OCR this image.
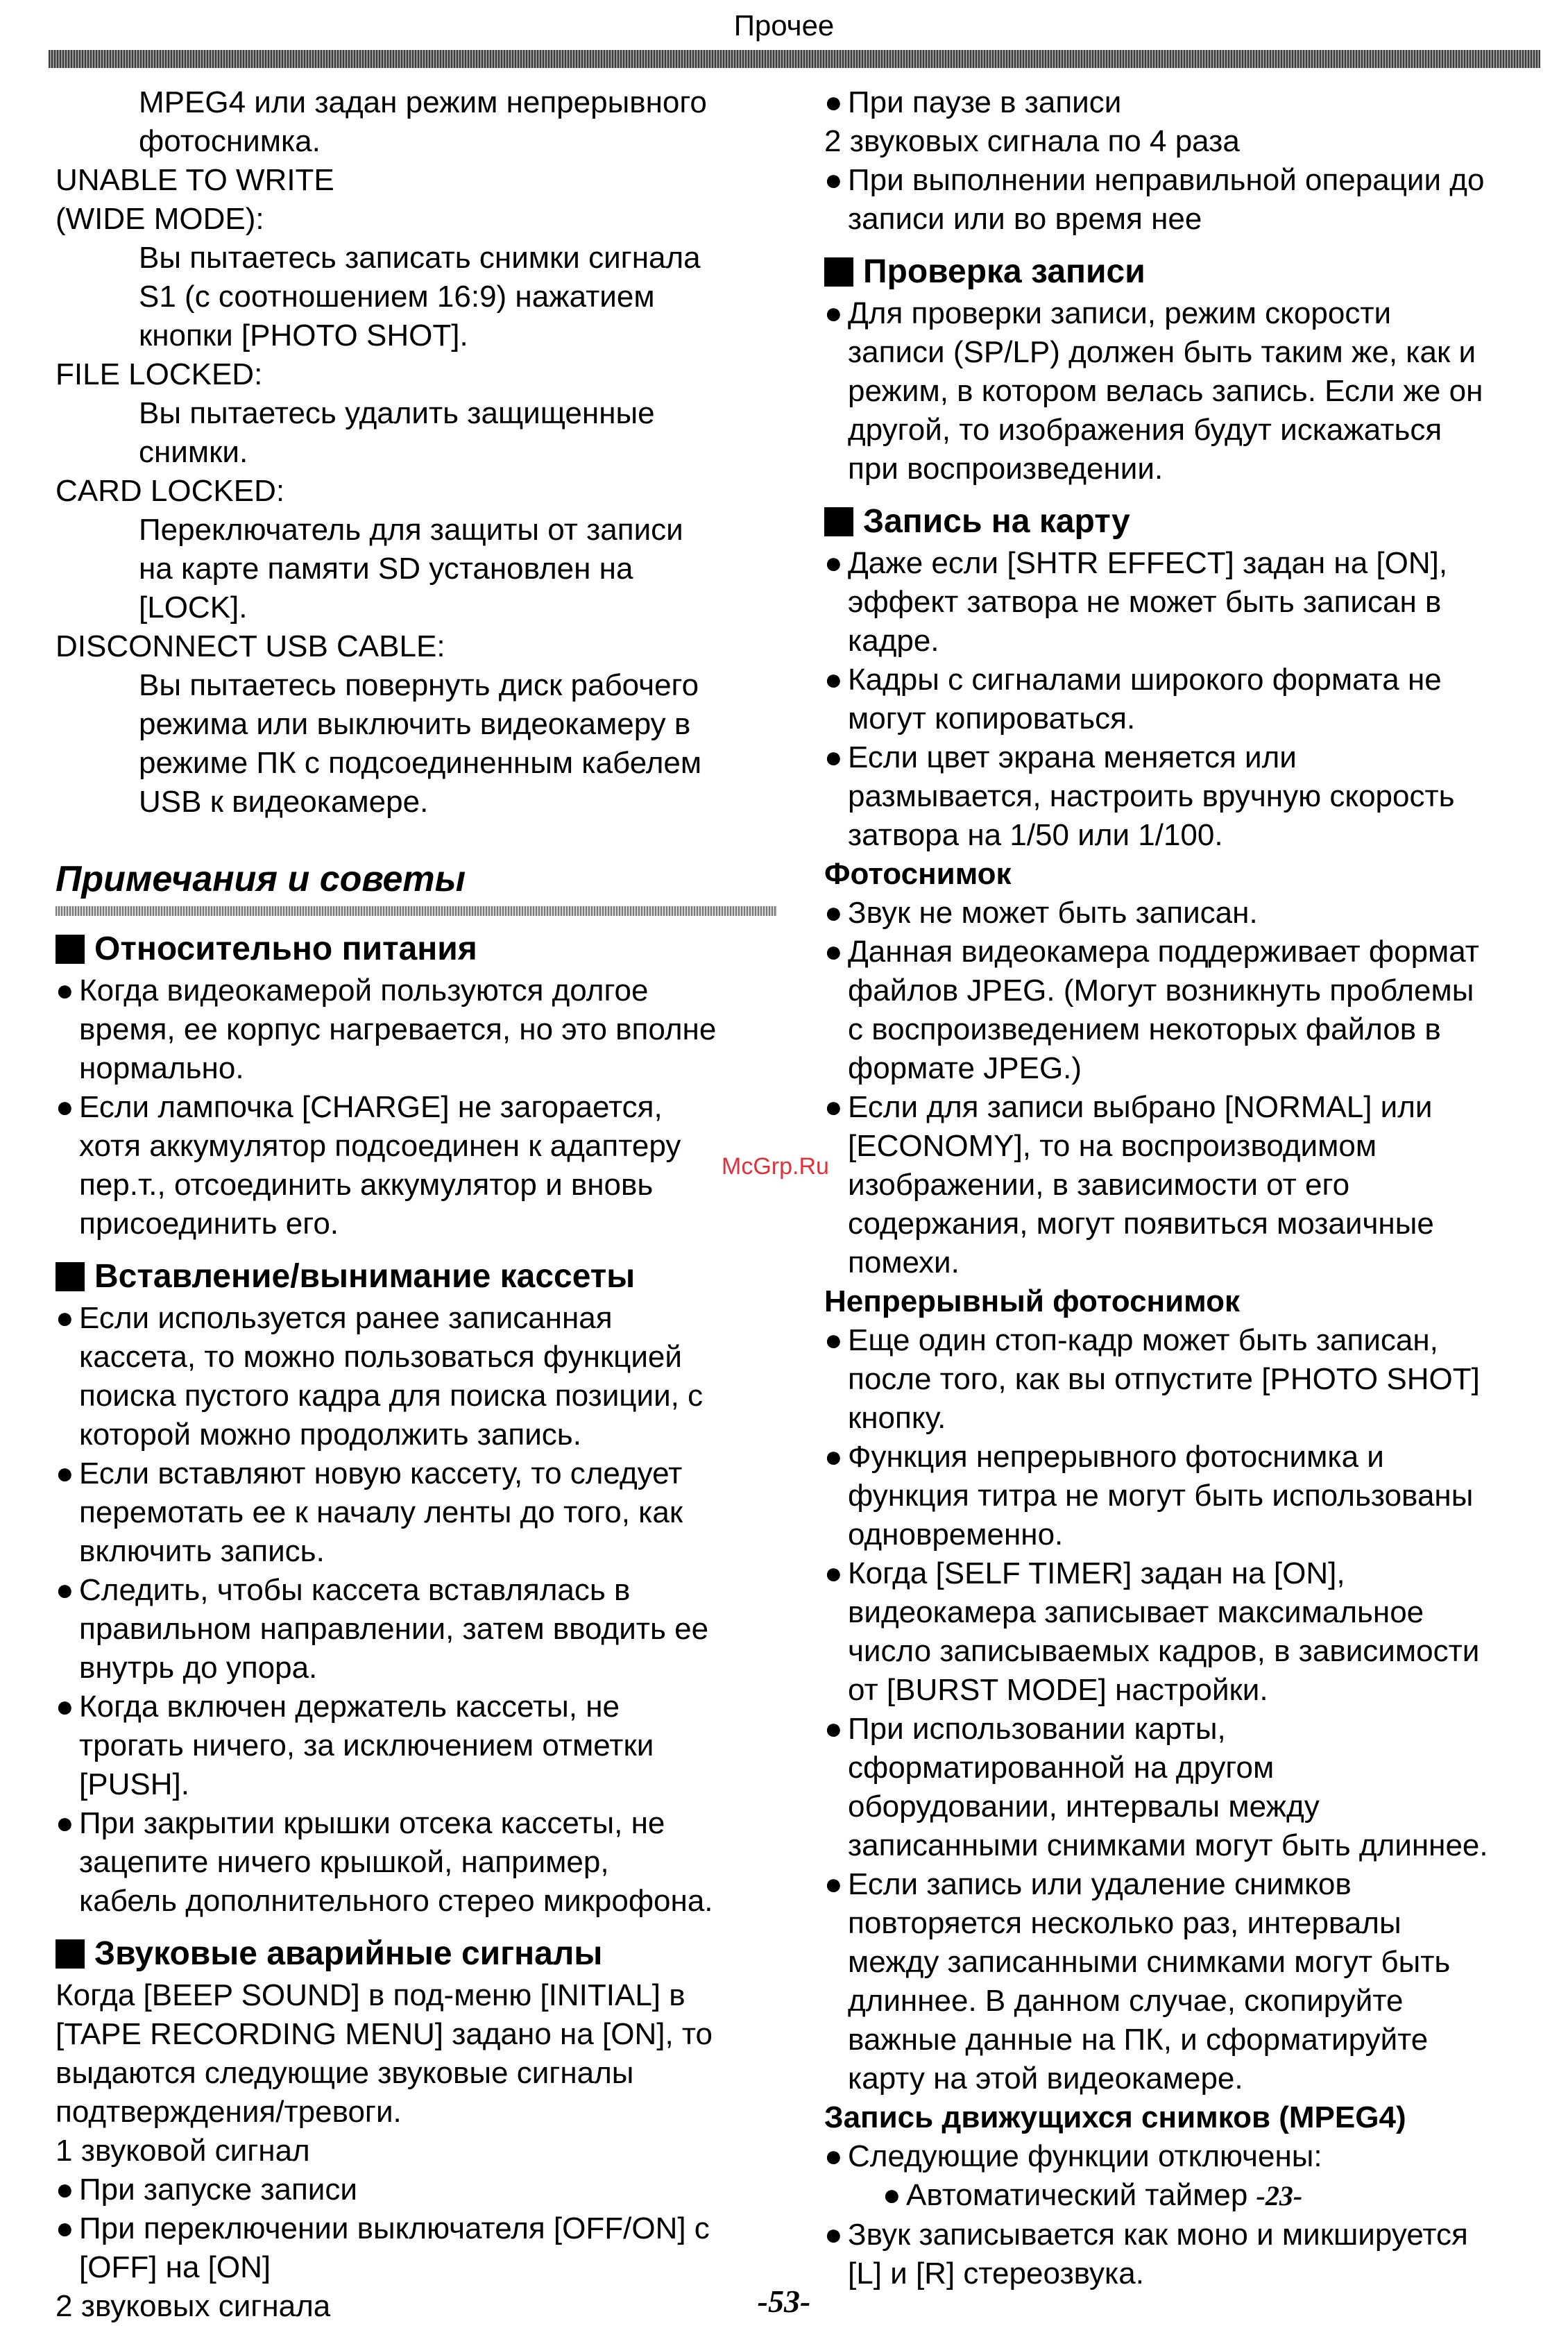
Прочее

MPEG4 или задан режим непрерывного

фотоснимка.

UNABLE TO WRITE

(WIDE MODE):

Вы пытаетесь записать снимки сигнала

S1 (с соотношением 16:9) нажатием

кнопки [PHOTO SHOT].

FILE LOCKED:

Вы пытаетесь удалить защищенные

снимки.

CARD LOCKED:

Переключатель для защиты от записи

на карте памяти SD установлен на

[LOCK].

DISCONNECT USB CABLE:

Вы пытаетесь повернуть диск рабочего

режима или выключить видеокамеру в

режиме ПК с подсоединенным кабелем

USB к видеокамере.

Примечания и советы
Относительно питания

● Когда видеокамерой пользуются долгое
время, ее корпус нагревается, но это вполне
нормально.

● Если лампочка [CHARGE] не загорается,
хотя аккумулятор подсоединен к адаптеру
пер.т., отсоединить аккумулятор и вновь
присоединить его.

Вставление/вынимание кассеты

● Если используется ранее записанная
кассета, то можно пользоваться функцией
поиска пустого кадра для поиска позиции, с
которой можно продолжить запись.

● Если вставляют новую кассету, то следует
перемотать ее к началу ленты до того, как
включить запись.

● Следить, чтобы кассета вставлялась в
правильном направлении, затем вводить ее
внутрь до упора.

● Когда включен держатель кассеты, не
трогать ничего, за исключением отметки
[PUSH].

● При закрытии крышки отсека кассеты, не
зацепите ничего крышкой, например,
кабель дополнительного стерео микрофона.

Звуковые аварийные сигналы

Когда [BEEP SOUND] в под-меню [INITIAL] в

[TAPE RECORDING MENU] задано на [ON], то

выдаются следующие звуковые сигналы

подтверждения/тревоги.

1 звуковой сигнал

● При запуске записи

● При переключении выключателя [OFF/ON] с
[OFF] на [ON]

2 звуковых сигнала

● При паузе в записи

2 звуковых сигнала по 4 раза

● При выполнении неправильной операции до
записи или во время нее

Проверка записи

● Для проверки записи, режим скорости
записи (SP/LP) должен быть таким же, как и
режим, в котором велась запись. Если же он
другой, то изображения будут искажаться
при воспроизведении.

Запись на карту

● Даже если [SHTR EFFECT] задан на [ON],
эффект затвора не может быть записан в
кадре.

● Кадры с сигналами широкого формата не
могут копироваться.

● Если цвет экрана меняется или
размывается, настроить вручную скорость
затвора на 1/50 или 1/100.

Фотоснимок

● Звук не может быть записан.

● Данная видеокамера поддерживает формат
файлов JPEG. (Могут возникнуть проблемы
с воспроизведением некоторых файлов в
формате JPEG.)

● Если для записи выбрано [NORMAL] или
[ECONOMY], то на воспроизводимом
изображении, в зависимости от его
содержания, могут появиться мозаичные
помехи.

Непрерывный фотоснимок

● Еще один стоп-кадр может быть записан,
после того, как вы отпустите [PHOTO SHOT]
кнопку.

● Функция непрерывного фотоснимка и
функция титра не могут быть использованы
одновременно.

● Когда [SELF TIMER] задан на [ON],
видеокамера записывает максимальное
число записываемых кадров, в зависимости
от [BURST MODE] настройки.

● При использовании карты,
сформатированной на другом
оборудовании, интервалы между
записанными снимками могут быть длиннее.

● Если запись или удаление снимков
повторяется несколько раз, интервалы
между записанными снимками могут быть
длиннее. В данном случае, скопируйте
важные данные на ПК, и сформатируйте
карту на этой видеокамере.

Запись движущихся снимков (MPEG4)

● Следующие функции отключены:

● Автоматический таймер -23-

● Звук записывается как моно и микшируется
[L] и [R] стереозвука.

McGrp.Ru
-53-
